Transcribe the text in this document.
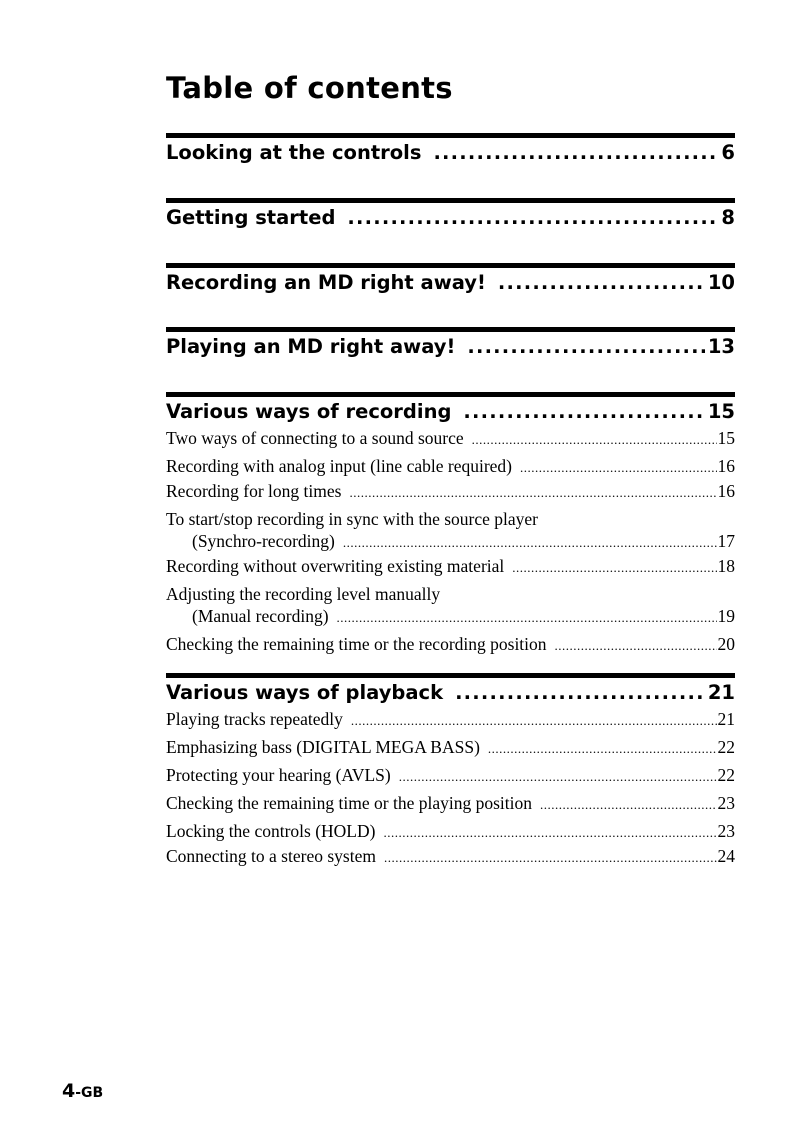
Table of contents
Looking at the controls .....	6
Getting started .....	8
Recording an MD right away! .....	10
Playing an MD right away! .....	13
Various ways of recording .....	15
Two ways of connecting to a sound source .....	15
Recording with analog input (line cable required) .....	16
Recording for long times .....	16
To start/stop recording in sync with the source player
(Synchro-recording) .....	17
Recording without overwriting existing material .....	18
Adjusting the recording level manually
(Manual recording) .....	19
Checking the remaining time or the recording position .....	20
Various ways of playback .....	21
Playing tracks repeatedly .....	21
Emphasizing bass (DIGITAL MEGA BASS) .....	22
Protecting your hearing (AVLS) .....	22
Checking the remaining time or the playing position .....	23
Locking the controls (HOLD) .....	23
Connecting to a stereo system .....	24
4-GB
